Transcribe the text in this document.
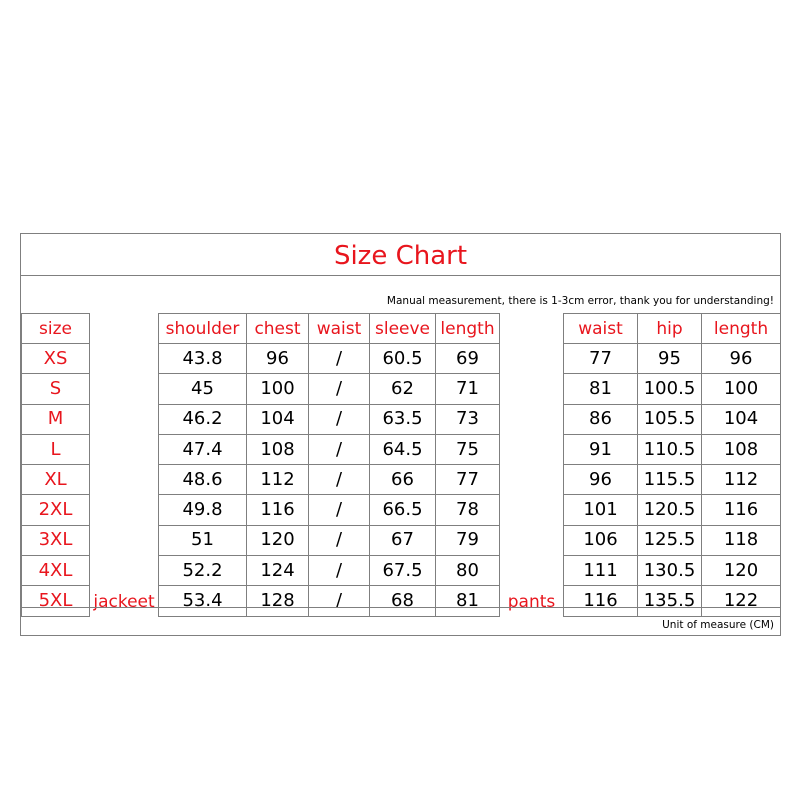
Size Chart
Manual measurement, there is 1-3cm error, thank you for understanding!
size	jackeet	shoulder	chest	waist	sleeve	length	pants	waist	hip	length
XS		43.8	96	/	60.5	69		77	95	96
S		45	100	/	62	71		81	100.5	100
M		46.2	104	/	63.5	73		86	105.5	104
L		47.4	108	/	64.5	75		91	110.5	108
XL		48.6	112	/	66	77		96	115.5	112
2XL		49.8	116	/	66.5	78		101	120.5	116
3XL		51	120	/	67	79		106	125.5	118
4XL		52.2	124	/	67.5	80		111	130.5	120
5XL		53.4	128	/	68	81		116	135.5	122
Unit of measure (CM)
